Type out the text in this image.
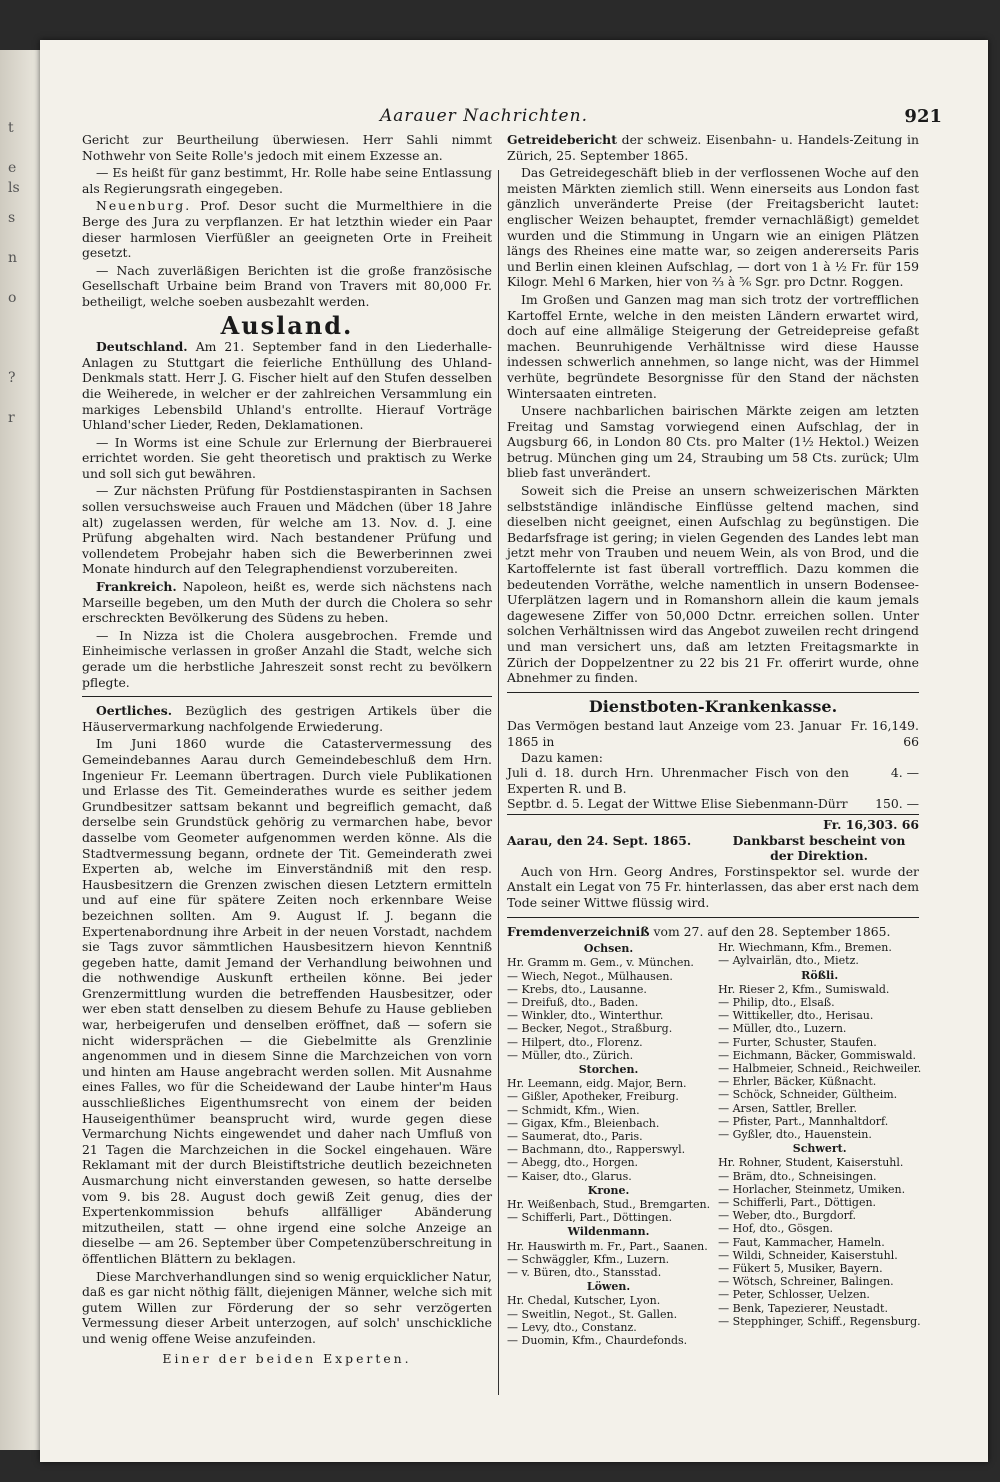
t
e
ls
s
n
o
?
r
Aarauer Nachrichten.	921

Gericht zur Beurtheilung überwiesen. Herr Sahli nimmt Nothwehr von Seite Rolle's jedoch mit einem Exzesse an.

— Es heißt für ganz bestimmt, Hr. Rolle habe seine Entlassung als Regierungsrath eingegeben.

Neuenburg. Prof. Desor sucht die Murmelthiere in die Berge des Jura zu verpflanzen. Er hat letzthin wieder ein Paar dieser harmlosen Vierfüßler an geeigneten Orte in Freiheit gesetzt.

— Nach zuverläßigen Berichten ist die große französische Gesellschaft Urbaine beim Brand von Travers mit 80,000 Fr. betheiligt, welche soeben ausbezahlt werden.

Ausland.

Deutschland. Am 21. September fand in den Liederhalle-Anlagen zu Stuttgart die feierliche Enthüllung des Uhland-Denkmals statt. Herr J. G. Fischer hielt auf den Stufen desselben die Weiherede, in welcher er der zahlreichen Versammlung ein markiges Lebensbild Uhland's entrollte. Hierauf Vorträge Uhland'scher Lieder, Reden, Deklamationen.

— In Worms ist eine Schule zur Erlernung der Bierbrauerei errichtet worden. Sie geht theoretisch und praktisch zu Werke und soll sich gut bewähren.

— Zur nächsten Prüfung für Postdienstaspiranten in Sachsen sollen versuchsweise auch Frauen und Mädchen (über 18 Jahre alt) zugelassen werden, für welche am 13. Nov. d. J. eine Prüfung abgehalten wird. Nach bestandener Prüfung und vollendetem Probejahr haben sich die Bewerberinnen zwei Monate hindurch auf den Telegraphendienst vorzubereiten.

Frankreich. Napoleon, heißt es, werde sich nächstens nach Marseille begeben, um den Muth der durch die Cholera so sehr erschreckten Bevölkerung des Südens zu heben.

— In Nizza ist die Cholera ausgebrochen. Fremde und Einheimische verlassen in großer Anzahl die Stadt, welche sich gerade um die herbstliche Jahreszeit sonst recht zu bevölkern pflegte.

Oertliches. Bezüglich des gestrigen Artikels über die Häuservermarkung nachfolgende Erwiederung.

Im Juni 1860 wurde die Catastervermessung des Gemeindebannes Aarau durch Gemeindebeschluß dem Hrn. Ingenieur Fr. Leemann übertragen. Durch viele Publikationen und Erlasse des Tit. Gemeinderathes wurde es seither jedem Grundbesitzer sattsam bekannt und begreiflich gemacht, daß derselbe sein Grundstück gehörig zu vermarchen habe, bevor dasselbe vom Geometer aufgenommen werden könne. Als die Stadtvermessung begann, ordnete der Tit. Gemeinderath zwei Experten ab, welche im Einverständniß mit den resp. Hausbesitzern die Grenzen zwischen diesen Letztern ermitteln und auf eine für spätere Zeiten noch erkennbare Weise bezeichnen sollten. Am 9. August lf. J. begann die Expertenabordnung ihre Arbeit in der neuen Vorstadt, nachdem sie Tags zuvor sämmtlichen Hausbesitzern hievon Kenntniß gegeben hatte, damit Jemand der Verhandlung beiwohnen und die nothwendige Auskunft ertheilen könne. Bei jeder Grenzermittlung wurden die betreffenden Hausbesitzer, oder wer eben statt denselben zu diesem Behufe zu Hause geblieben war, herbeigerufen und denselben eröffnet, daß — sofern sie nicht widersprächen — die Giebelmitte als Grenzlinie angenommen und in diesem Sinne die Marchzeichen von vorn und hinten am Hause angebracht werden sollen. Mit Ausnahme eines Falles, wo für die Scheidewand der Laube hinter'm Haus ausschließliches Eigenthumsrecht von einem der beiden Hauseigenthümer beansprucht wird, wurde gegen diese Vermarchung Nichts eingewendet und daher nach Umfluß von 21 Tagen die Marchzeichen in die Sockel eingehauen. Wäre Reklamant mit der durch Bleistiftstriche deutlich bezeichneten Ausmarchung nicht einverstanden gewesen, so hatte derselbe vom 9. bis 28. August doch gewiß Zeit genug, dies der Expertenkommission behufs allfälliger Abänderung mitzutheilen, statt — ohne irgend eine solche Anzeige an dieselbe — am 26. September über Competenzüberschreitung in öffentlichen Blättern zu beklagen.

Diese Marchverhandlungen sind so wenig erquicklicher Natur, daß es gar nicht nöthig fällt, diejenigen Männer, welche sich mit gutem Willen zur Förderung der so sehr verzögerten Vermessung dieser Arbeit unterzogen, auf solch' unschickliche und wenig offene Weise anzufeinden.

Einer der beiden Experten.

Getreidebericht der schweiz. Eisenbahn- u. Handels-Zeitung in Zürich, 25. September 1865.

Das Getreidegeschäft blieb in der verflossenen Woche auf den meisten Märkten ziemlich still. Wenn einerseits aus London fast gänzlich unveränderte Preise (der Freitagsbericht lautet: englischer Weizen behauptet, fremder vernachläßigt) gemeldet wurden und die Stimmung in Ungarn wie an einigen Plätzen längs des Rheines eine matte war, so zeigen andererseits Paris und Berlin einen kleinen Aufschlag, — dort von 1 à ½ Fr. für 159 Kilogr. Mehl 6 Marken, hier von ⅔ à ⅚ Sgr. pro Dctnr. Roggen.

Im Großen und Ganzen mag man sich trotz der vortrefflichen Kartoffel Ernte, welche in den meisten Ländern erwartet wird, doch auf eine allmälige Steigerung der Getreidepreise gefaßt machen. Beunruhigende Verhältnisse wird diese Hausse indessen schwerlich annehmen, so lange nicht, was der Himmel verhüte, begründete Besorgnisse für den Stand der nächsten Wintersaaten eintreten.

Unsere nachbarlichen bairischen Märkte zeigen am letzten Freitag und Samstag vorwiegend einen Aufschlag, der in Augsburg 66, in London 80 Cts. pro Malter (1½ Hektol.) Weizen betrug. München ging um 24, Straubing um 58 Cts. zurück; Ulm blieb fast unverändert.

Soweit sich die Preise an unsern schweizerischen Märkten selbstständige inländische Einflüsse geltend machen, sind dieselben nicht geeignet, einen Aufschlag zu begünstigen. Die Bedarfsfrage ist gering; in vielen Gegenden des Landes lebt man jetzt mehr von Trauben und neuem Wein, als von Brod, und die Kartoffelernte ist fast überall vortrefflich. Dazu kommen die bedeutenden Vorräthe, welche namentlich in unsern Bodensee-Uferplätzen lagern und in Romanshorn allein die kaum jemals dagewesene Ziffer von 50,000 Dctnr. erreichen sollen. Unter solchen Verhältnissen wird das Angebot zuweilen recht dringend und man versichert uns, daß am letzten Freitagsmarkte in Zürich der Doppelzentner zu 22 bis 21 Fr. offerirt wurde, ohne Abnehmer zu finden.

Dienstboten-Krankenkasse.
Das Vermögen bestand laut Anzeige vom 23. Januar 1865 in
Fr. 16,149. 66
Dazu kamen:
Juli d. 18. durch Hrn. Uhrenmacher Fisch von den Experten R. und B.
4. —
Septbr. d. 5. Legat der Wittwe Elise Siebenmann-Dürr	150. —
Fr. 16,303. 66
Aarau, den 24. Sept. 1865.	Dankbarst bescheint von der Direktion.

Auch von Hrn. Georg Andres, Forstinspektor sel. wurde der Anstalt ein Legat von 75 Fr. hinterlassen, das aber erst nach dem Tode seiner Wittwe flüssig wird.

Fremdenverzeichniß vom 27. auf den 28. September 1865.

Ochsen.
Hr. Gramm m. Gem., v. München.
— Wiech, Negot., Mülhausen.
— Krebs, dto., Lausanne.
— Dreifuß, dto., Baden.
— Winkler, dto., Winterthur.
— Becker, Negot., Straßburg.
— Hilpert, dto., Florenz.
— Müller, dto., Zürich.
Storchen.
Hr. Leemann, eidg. Major, Bern.
— Gißler, Apotheker, Freiburg.
— Schmidt, Kfm., Wien.
— Gigax, Kfm., Bleienbach.
— Saumerat, dto., Paris.
— Bachmann, dto., Rapperswyl.
— Abegg, dto., Horgen.
— Kaiser, dto., Glarus.
Krone.
Hr. Weißenbach, Stud., Bremgarten.
— Schifferli, Part., Döttingen.
Wildenmann.
Hr. Hauswirth m. Fr., Part., Saanen.
— Schwäggler, Kfm., Luzern.
— v. Büren, dto., Stansstad.
Löwen.
Hr. Chedal, Kutscher, Lyon.
— Sweitlin, Negot., St. Gallen.
— Levy, dto., Constanz.
— Duomin, Kfm., Chaurdefonds.
Hr. Wiechmann, Kfm., Bremen.
— Aylvairlän, dto., Mietz.
Rößli.
Hr. Rieser 2, Kfm., Sumiswald.
— Philip, dto., Elsaß.
— Wittikeller, dto., Herisau.
— Müller, dto., Luzern.
— Furter, Schuster, Staufen.
— Eichmann, Bäcker, Gommiswald.
— Halbmeier, Schneid., Reichweiler.
— Ehrler, Bäcker, Küßnacht.
— Schöck, Schneider, Gültheim.
— Arsen, Sattler, Breller.
— Pfister, Part., Mannhaltdorf.
— Gyßler, dto., Hauenstein.
Schwert.
Hr. Rohner, Student, Kaiserstuhl.
— Bräm, dto., Schneisingen.
— Horlacher, Steinmetz, Umiken.
— Schifferli, Part., Döttigen.
— Weber, dto., Burgdorf.
— Hof, dto., Gösgen.
— Faut, Kammacher, Hameln.
— Wildi, Schneider, Kaiserstuhl.
— Fükert 5, Musiker, Bayern.
— Wötsch, Schreiner, Balingen.
— Peter, Schlosser, Uelzen.
— Benk, Tapezierer, Neustadt.
— Stepphinger, Schiff., Regensburg.
